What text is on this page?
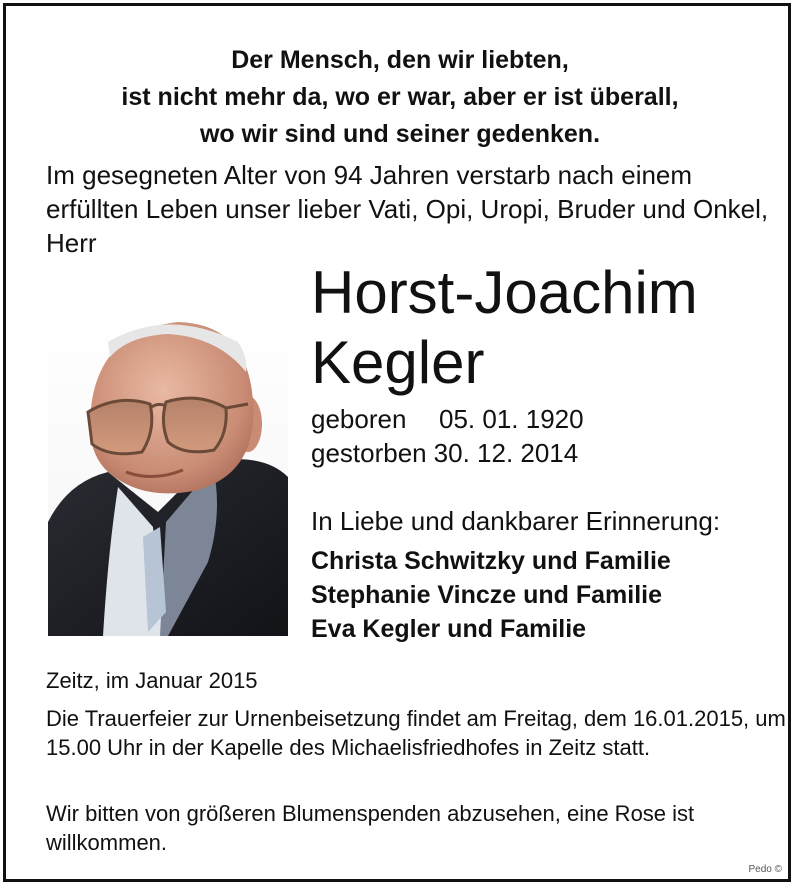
Der Mensch, den wir liebten,
ist nicht mehr da, wo er war, aber er ist überall,
wo wir sind und seiner gedenken.
Im gesegneten Alter von 94 Jahren verstarb nach einem erfüllten Leben unser lieber Vati, Opi, Uropi, Bruder und Onkel, Herr
Horst-Joachim
Kegler
geboren 05. 01. 1920
gestorben 30. 12. 2014
In Liebe und dankbarer Erinnerung:
Christa Schwitzky und Familie
Stephanie Vincze und Familie
Eva Kegler und Familie
Zeitz, im Januar 2015
Die Trauerfeier zur Urnenbeisetzung findet am Freitag, dem 16.01.2015, um 15.00 Uhr in der Kapelle des Michaelisfriedhofes in Zeitz statt.
Wir bitten von größeren Blumenspenden abzusehen, eine Rose ist willkommen.
Pedo ©
